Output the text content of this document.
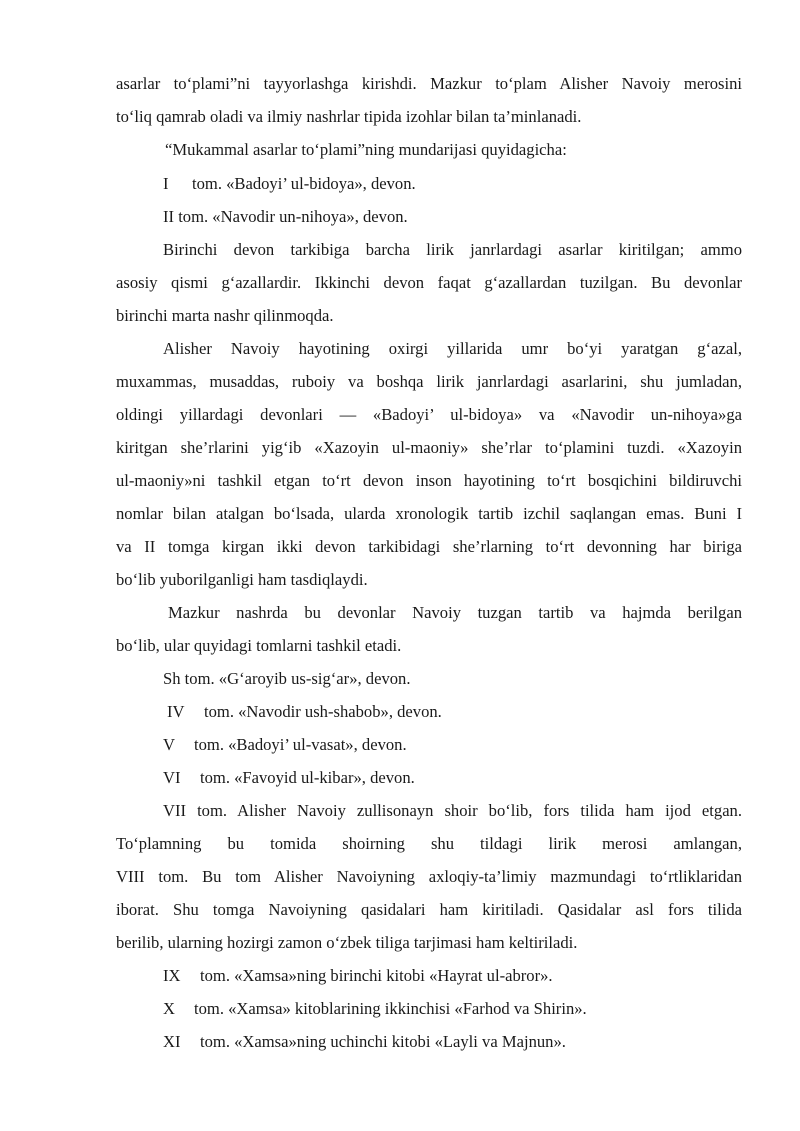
asarlar to‘plami”ni tayyorlashga kirishdi. Mazkur to‘plam Alisher Navoiy merosini
to‘liq qamrab oladi va ilmiy nashrlar tipida izohlar bilan ta’minlanadi.
“Mukammal asarlar to‘plami”ning mundarijasi quyidagicha:
I tom. «Badoyi’ ul-bidoya», devon.
II tom. «Navodir un-nihoya», devon.
Birinchi devon tarkibiga barcha lirik janrlardagi asarlar kiritilgan; ammo
asosiy qismi g‘azallardir. Ikkinchi devon faqat g‘azallardan tuzilgan. Bu devonlar
birinchi marta nashr qilinmoqda.
Alisher Navoiy hayotining oxirgi yillarida umr bo‘yi yaratgan g‘azal,
muxammas, musaddas, ruboiy va boshqa lirik janrlardagi asarlarini, shu jumladan,
oldingi yillardagi devonlari — «Badoyi’ ul-bidoya» va «Navodir un-nihoya»ga
kiritgan she’rlarini yig‘ib «Xazoyin ul-maoniy» she’rlar to‘plamini tuzdi. «Xazoyin
ul-maoniy»ni tashkil etgan to‘rt devon inson hayotining to‘rt bosqichini bildiruvchi
nomlar bilan atalgan bo‘lsada, ularda xronologik tartib izchil saqlangan emas. Buni I
va II tomga kirgan ikki devon tarkibidagi she’rlarning to‘rt devonning har biriga
bo‘lib yuborilganligi ham tasdiqlaydi.
Mazkur nashrda bu devonlar Navoiy tuzgan tartib va hajmda berilgan
bo‘lib, ular quyidagi tomlarni tashkil etadi.
Sh tom. «G‘aroyib us-sig‘ar», devon.
IV tom. «Navodir ush-shabob», devon.
V tom. «Badoyi’ ul-vasat», devon.
VI tom. «Favoyid ul-kibar», devon.
VII tom. Alisher Navoiy zullisonayn shoir bo‘lib, fors tilida ham ijod etgan.
To‘plamning bu tomida shoirning shu tildagi lirik merosi amlangan,
VIII tom. Bu tom Alisher Navoiyning axloqiy-ta’limiy mazmundagi to‘rtliklaridan
iborat. Shu tomga Navoiyning qasidalari ham kiritiladi. Qasidalar asl fors tilida
berilib, ularning hozirgi zamon o‘zbek tiliga tarjimasi ham keltiriladi.
IX tom. «Xamsa»ning birinchi kitobi «Hayrat ul-abror».
X tom. «Xamsa» kitoblarining ikkinchisi «Farhod va Shirin».
XI tom. «Xamsa»ning uchinchi kitobi «Layli va Majnun».
